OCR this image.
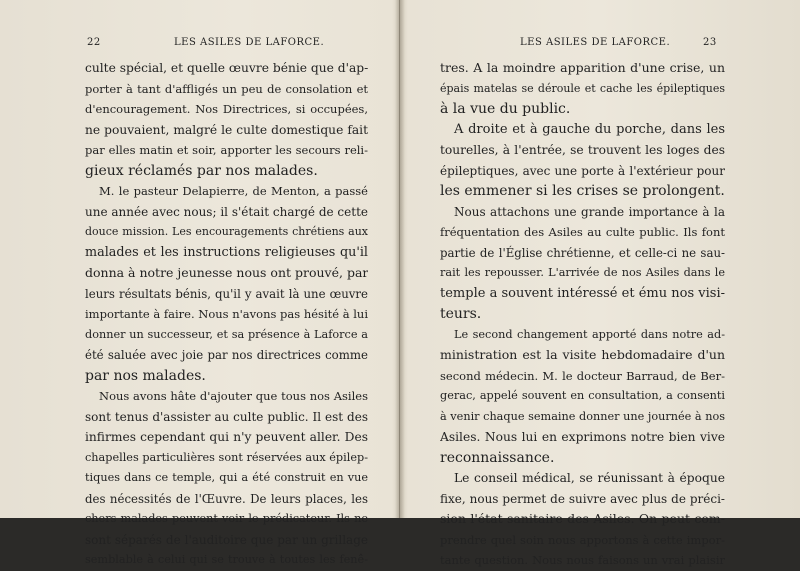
22	LES ASILES DE LAFORCE.
culte spécial, et quelle œuvre bénie que d'ap-
porter à tant d'affligés un peu de consolation et
d'encouragement. Nos Directrices, si occupées,
ne pouvaient, malgré le culte domestique fait
par elles matin et soir, apporter les secours reli-
gieux réclamés par nos malades.
M. le pasteur Delapierre, de Menton, a passé
une année avec nous; il s'était chargé de cette
douce mission. Les encouragements chrétiens aux
malades et les instructions religieuses qu'il
donna à notre jeunesse nous ont prouvé, par
leurs résultats bénis, qu'il y avait là une œuvre
importante à faire. Nous n'avons pas hésité à lui
donner un successeur, et sa présence à Laforce a
été saluée avec joie par nos directrices comme
par nos malades.
Nous avons hâte d'ajouter que tous nos Asiles
sont tenus d'assister au culte public. Il est des
infirmes cependant qui n'y peuvent aller. Des
chapelles particulières sont réservées aux épilep-
tiques dans ce temple, qui a été construit en vue
des nécessités de l'Œuvre. De leurs places, les
chers malades peuvent voir le prédicateur. Ils ne
sont séparés de l'auditoire que par un grillage
semblable à celui qui se trouve à toutes les fenê-
LES ASILES DE LAFORCE.	23
tres. A la moindre apparition d'une crise, un
épais matelas se déroule et cache les épileptiques
à la vue du public.
A droite et à gauche du porche, dans les
tourelles, à l'entrée, se trouvent les loges des
épileptiques, avec une porte à l'extérieur pour
les emmener si les crises se prolongent.
Nous attachons une grande importance à la
fréquentation des Asiles au culte public. Ils font
partie de l'Église chrétienne, et celle-ci ne sau-
rait les repousser. L'arrivée de nos Asiles dans le
temple a souvent intéressé et ému nos visi-
teurs.
Le second changement apporté dans notre ad-
ministration est la visite hebdomadaire d'un
second médecin. M. le docteur Barraud, de Ber-
gerac, appelé souvent en consultation, a consenti
à venir chaque semaine donner une journée à nos
Asiles. Nous lui en exprimons notre bien vive
reconnaissance.
Le conseil médical, se réunissant à époque
fixe, nous permet de suivre avec plus de préci-
sion l'état sanitaire des Asiles. On peut com-
prendre quel soin nous apportons à cette impor-
tante question. Nous nous faisons un vrai plaisir
